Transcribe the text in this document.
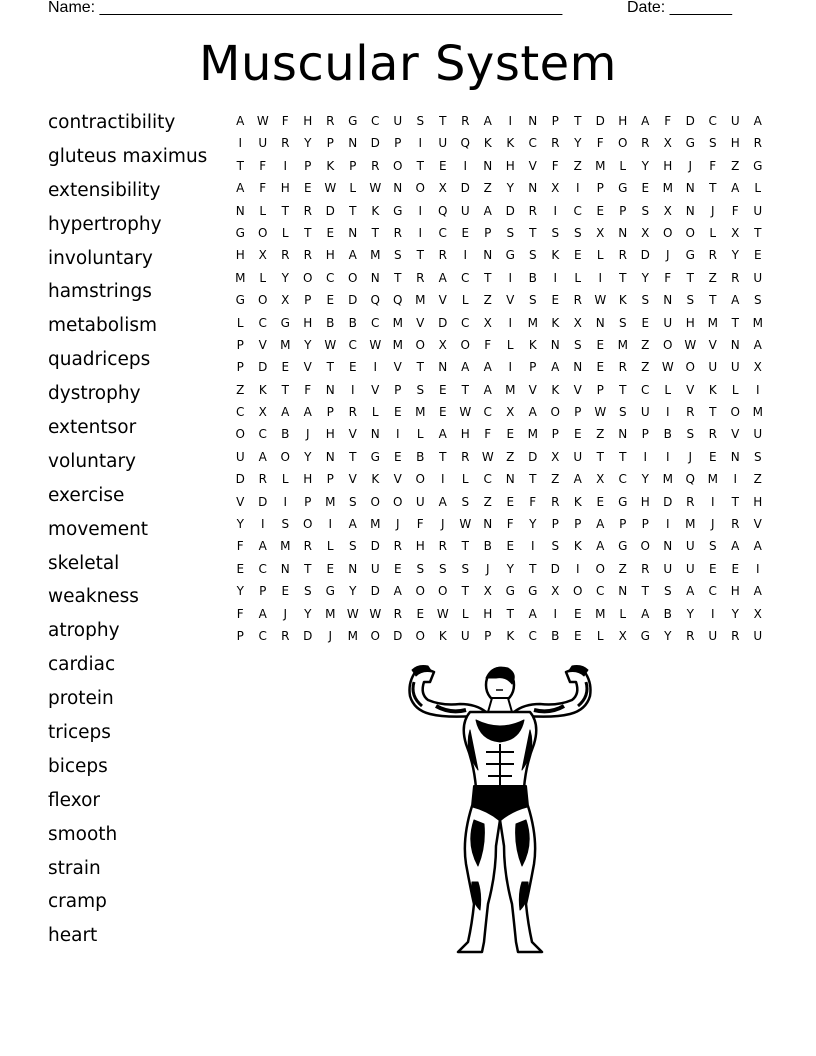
Name: ____________________________________________________	Date: _______
Muscular System
contractibility
gluteus maximus
extensibility
hypertrophy
involuntary
hamstrings
metabolism
quadriceps
dystrophy
extentsor
voluntary
exercise
movement
skeletal
weakness
atrophy
cardiac
protein
triceps
biceps
flexor
smooth
strain
cramp
heart
A	W	F	H	R	G	C	U	S	T	R	A	I	N	P	T	D	H	A	F	D	C	U	A
I	U	R	Y	P	N	D	P	I	U	Q	K	K	C	R	Y	F	O	R	X	G	S	H	R
T	F	I	P	K	P	R	O	T	E	I	N	H	V	F	Z	M	L	Y	H	J	F	Z	G
A	F	H	E	W	L	W	N	O	X	D	Z	Y	N	X	I	P	G	E	M	N	T	A	L
N	L	T	R	D	T	K	G	I	Q	U	A	D	R	I	C	E	P	S	X	N	J	F	U
G	O	L	T	E	N	T	R	I	C	E	P	S	T	S	S	X	N	X	O	O	L	X	T
H	X	R	R	H	A	M	S	T	R	I	N	G	S	K	E	L	R	D	J	G	R	Y	E
M	L	Y	O	C	O	N	T	R	A	C	T	I	B	I	L	I	T	Y	F	T	Z	R	U
G	O	X	P	E	D	Q	Q	M	V	L	Z	V	S	E	R	W	K	S	N	S	T	A	S
L	C	G	H	B	B	C	M	V	D	C	X	I	M	K	X	N	S	E	U	H	M	T	M
P	V	M	Y	W	C	W M	O	X	O	F	L	K	N	S	E	M	Z	O W	V	N	A
P	D	E	V	T	E	I	V	T	N	A	A	I	P	A	N	E	R	Z	W O	U	U	X
Z	K	T	F	N	I	V	P	S	E	T	A	M	V	K	V	P	T	C	L	V	K	L	I
C	X	A	A	P	R	L	E	M	E	W	C	X	A	O	P	W	S	U	I	R	T	O	M
O	C	B	J	H	V	N	I	L	A	H	F	E	M	P	E	Z	N	P	B	S	R	V	U
U	A	O	Y	N	T	G	E	B	T	R	W	Z	D	X	U	T	T	I	I	J	E	N	S
D	R	L	H	P	V	K	V	O	I	L	C	N	T	Z	A	X	C	Y	M	Q	M	I	Z
V	D	I	P	M	S	O	O	U	A	S	Z	E	F	R	K	E	G	H	D	R	I	T	H
Y	I	S	O	I	A	M	J	F	J	W	N	F	Y	P	P	A	P	P	I	M	J	R	V
F	A	M	R	L	S	D	R	H	R	T	B	E	I	S	K	A	G	O	N	U	S	A	A
E	C	N	T	E	N	U	E	S	S	S	J	Y	T	D	I	O	Z	R	U	U	E	E	I
Y	P	E	S	G	Y	D	A	O	O	T	X	G	G	X	O	C	N	T	S	A	C	H	A
F	A	J	Y	M W W	R	E	W	L	H	T	A	I	E	M	L	A	B	Y	I	Y	X
P	C	R	D	J	M	O	D	O	K	U	P	K	C	B	E	L	X	G	Y	R	U	R	U
